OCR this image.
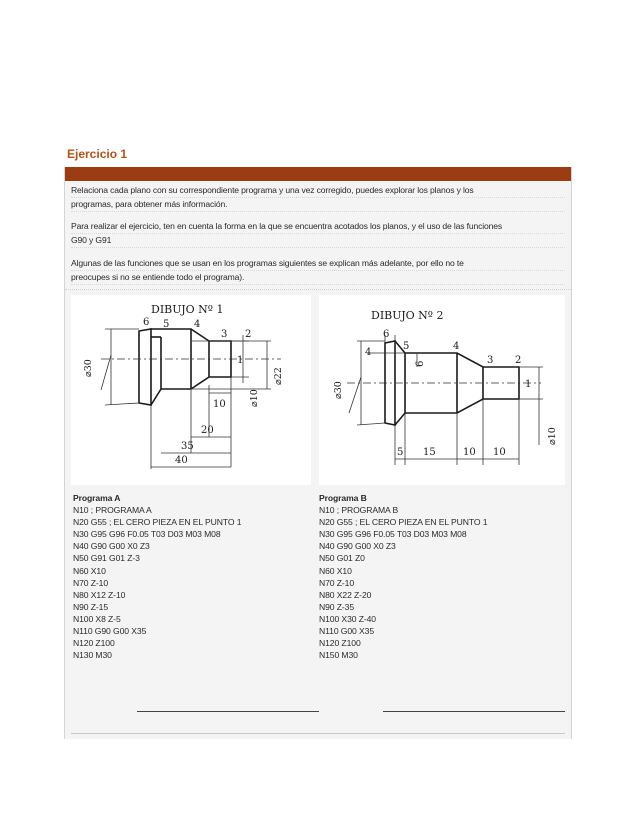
Ejercicio 1
Relaciona cada plano con su correspondiente programa y una vez corregido, puedes explorar los planos y los
programas, para obtener más información.
Para realizar el ejercicio, ten en cuenta la forma en la que se encuentra acotados los planos, y el uso de las funciones
G90 y G91
Algunas de las funciones que se usan en los programas siguientes se explican más adelante, por ello no te
preocupes si no se entiende todo el programa).
DIBUJO Nº 1
6 5 4
3 2
1
⌀30	⌀22
⌀10
10
20
35
40
DIBUJO Nº 2
6
5	4
3 2
1
4
6
⌀30
⌀10
5 15	10 10
Programa A
N10 ; PROGRAMA A
N20 G55 ; EL CERO PIEZA EN EL PUNTO 1
N30 G95 G96 F0.05 T03 D03 M03 M08
N40 G90 G00 X0 Z3
N50 G91 G01 Z-3
N60 X10
N70 Z-10
N80 X12 Z-10
N90 Z-15
N100 X8 Z-5
N110 G90 G00 X35
N120 Z100
N130 M30
Programa B
N10 ; PROGRAMA B
N20 G55 ; EL CERO PIEZA EN EL PUNTO 1
N30 G95 G96 F0.05 T03 D03 M03 M08
N40 G90 G00 X0 Z3
N50 G01 Z0
N60 X10
N70 Z-10
N80 X22 Z-20
N90 Z-35
N100 X30 Z-40
N110 G00 X35
N120 Z100
N150 M30
